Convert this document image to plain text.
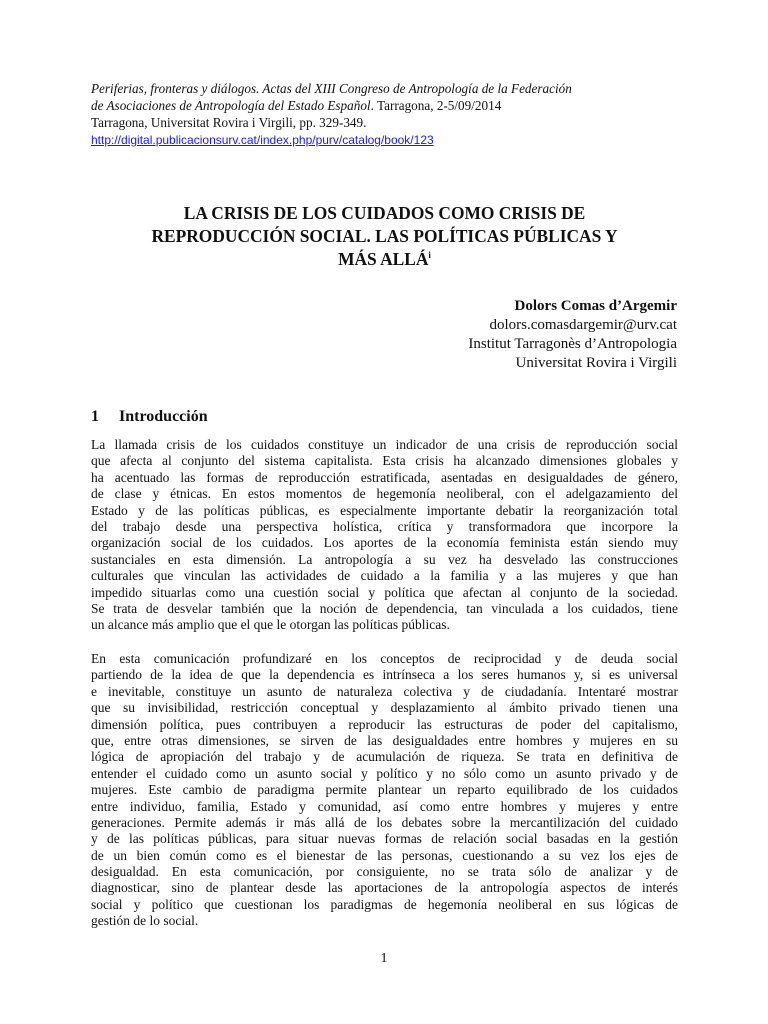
Periferias, fronteras y diálogos. Actas del XIII Congreso de Antropología de la Federación
de Asociaciones de Antropología del Estado Español. Tarragona, 2-5/09/2014
Tarragona, Universitat Rovira i Virgili, pp. 329-349.
http://digital.publicacionsurv.cat/index.php/purv/catalog/book/123
LA CRISIS DE LOS CUIDADOS COMO CRISIS DE
REPRODUCCIÓN SOCIAL. LAS POLÍTICAS PÚBLICAS Y
MÁS ALLÁ$^i$
Dolors Comas d’Argemir
dolors.comasdargemir@urv.cat
Institut Tarragonès d’Antropologia
Universitat Rovira i Virgili
1 Introducción
La llamada crisis de los cuidados constituye un indicador de una crisis de reproducción social
que afecta al conjunto del sistema capitalista. Esta crisis ha alcanzado dimensiones globales y
ha acentuado las formas de reproducción estratificada, asentadas en desigualdades de género,
de clase y étnicas. En estos momentos de hegemonía neoliberal, con el adelgazamiento del
Estado y de las políticas públicas, es especialmente importante debatir la reorganización total
del trabajo desde una perspectiva holística, crítica y transformadora que incorpore la
organización social de los cuidados. Los aportes de la economía feminista están siendo muy
sustanciales en esta dimensión. La antropología a su vez ha desvelado las construcciones
culturales que vinculan las actividades de cuidado a la familia y a las mujeres y que han
impedido situarlas como una cuestión social y política que afectan al conjunto de la sociedad.
Se trata de desvelar también que la noción de dependencia, tan vinculada a los cuidados, tiene
un alcance más amplio que el que le otorgan las políticas públicas.
En esta comunicación profundizaré en los conceptos de reciprocidad y de deuda social
partiendo de la idea de que la dependencia es intrínseca a los seres humanos y, si es universal
e inevitable, constituye un asunto de naturaleza colectiva y de ciudadanía. Intentaré mostrar
que su invisibilidad, restricción conceptual y desplazamiento al ámbito privado tienen una
dimensión política, pues contribuyen a reproducir las estructuras de poder del capitalismo,
que, entre otras dimensiones, se sirven de las desigualdades entre hombres y mujeres en su
lógica de apropiación del trabajo y de acumulación de riqueza. Se trata en definitiva de
entender el cuidado como un asunto social y político y no sólo como un asunto privado y de
mujeres. Este cambio de paradigma permite plantear un reparto equilibrado de los cuidados
entre individuo, familia, Estado y comunidad, así como entre hombres y mujeres y entre
generaciones. Permite además ir más allá de los debates sobre la mercantilización del cuidado
y de las políticas públicas, para situar nuevas formas de relación social basadas en la gestión
de un bien común como es el bienestar de las personas, cuestionando a su vez los ejes de
desigualdad. En esta comunicación, por consiguiente, no se trata sólo de analizar y de
diagnosticar, sino de plantear desde las aportaciones de la antropología aspectos de interés
social y político que cuestionan los paradigmas de hegemonía neoliberal en sus lógicas de
gestión de lo social.
1
